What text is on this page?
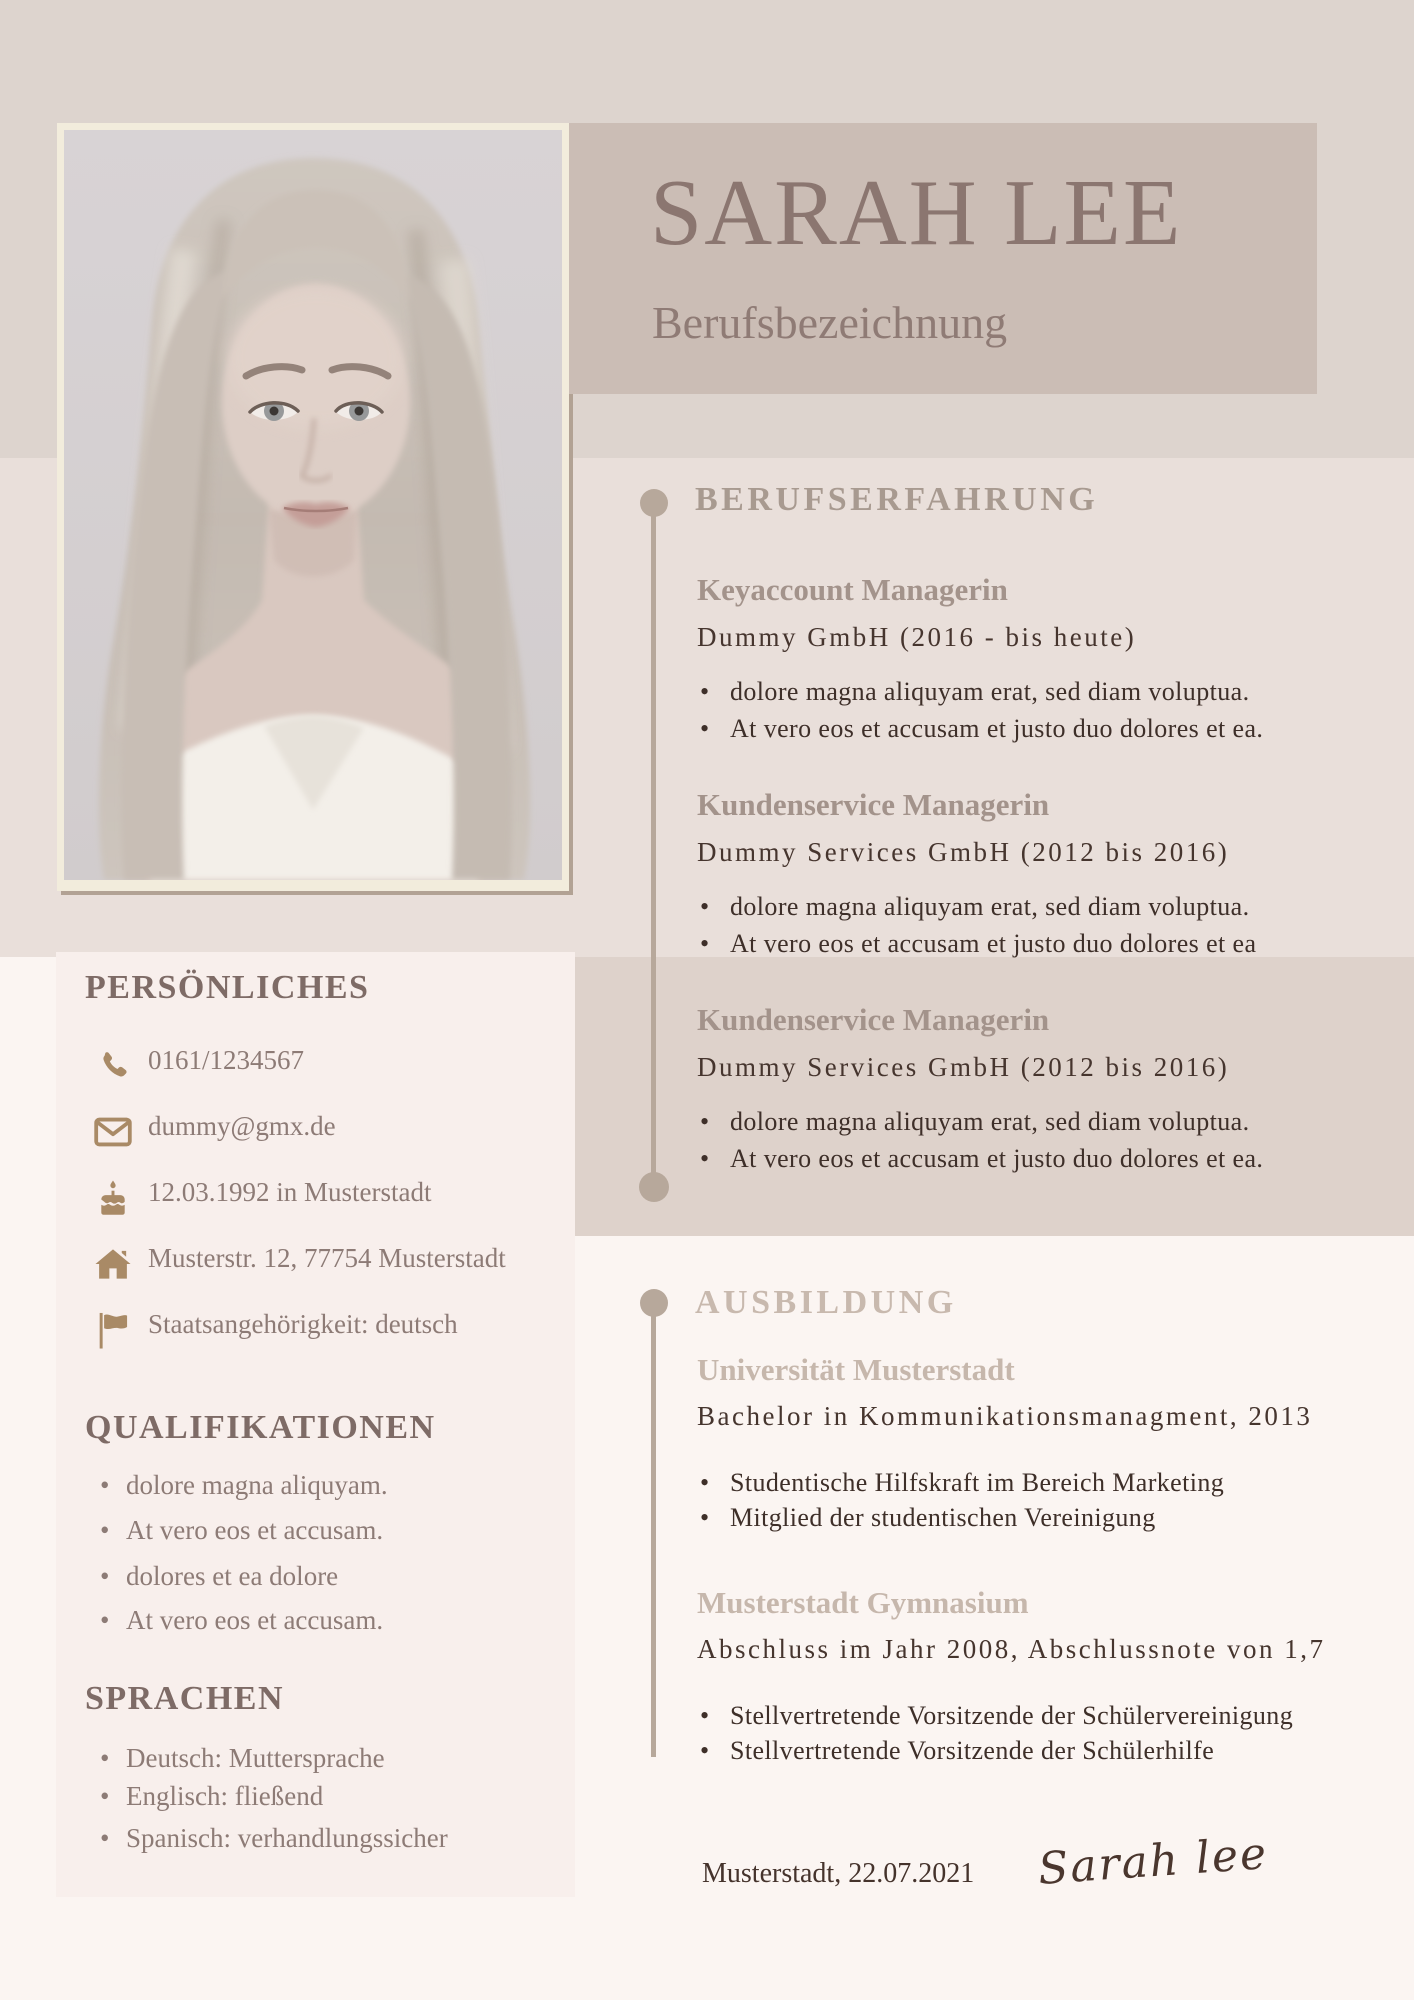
SARAH LEE
Berufsbezeichnung
PERSÖNLICHES
0161/1234567
dummy@gmx.de
12.03.1992 in Musterstadt
Musterstr. 12, 77754 Musterstadt
Staatsangehörigkeit: deutsch
QUALIFIKATIONEN
• dolore magna aliquyam.
• At vero eos et accusam.
• dolores et ea dolore
• At vero eos et accusam.
SPRACHEN
• Deutsch: Muttersprache
• Englisch: fließend
• Spanisch: verhandlungssicher
BERUFSERFAHRUNG
Keyaccount Managerin
Dummy GmbH (2016 - bis heute)
• dolore magna aliquyam erat, sed diam voluptua.
• At vero eos et accusam et justo duo dolores et ea.
Kundenservice Managerin
Dummy Services GmbH (2012 bis 2016)
• dolore magna aliquyam erat, sed diam voluptua.
• At vero eos et accusam et justo duo dolores et ea
Kundenservice Managerin
Dummy Services GmbH (2012 bis 2016)
• dolore magna aliquyam erat, sed diam voluptua.
• At vero eos et accusam et justo duo dolores et ea.
AUSBILDUNG
Universität Musterstadt
Bachelor in Kommunikationsmanagment, 2013
• Studentische Hilfskraft im Bereich Marketing
• Mitglied der studentischen Vereinigung
Musterstadt Gymnasium
Abschluss im Jahr 2008, Abschlussnote von 1,7
• Stellvertretende Vorsitzende der Schülervereinigung
• Stellvertretende Vorsitzende der Schülerhilfe
Musterstadt, 22.07.2021 Sarah lee
